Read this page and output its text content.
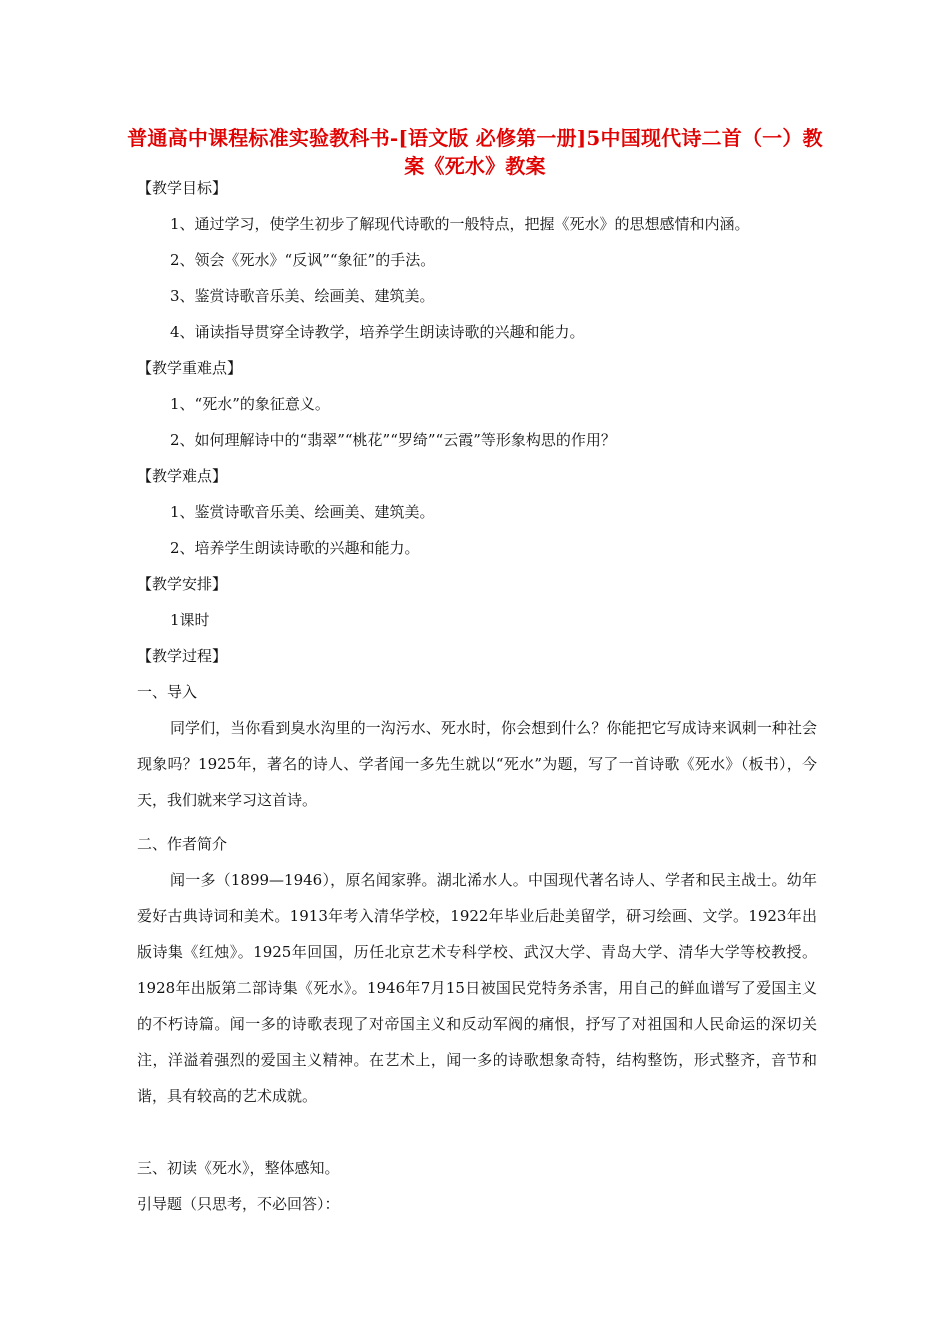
普通高中课程标准实验教科书-[语文版 必修第一册]5中国现代诗二首（一）教案《死水》教案
【教学目标】
1、通过学习，使学生初步了解现代诗歌的一般特点，把握《死水》的思想感情和内涵。
2、领会《死水》“反讽”“象征”的手法。
3、鉴赏诗歌音乐美、绘画美、建筑美。
4、诵读指导贯穿全诗教学，培养学生朗读诗歌的兴趣和能力。
【教学重难点】
1、“死水”的象征意义。
2、如何理解诗中的“翡翠”“桃花”“罗绮”“云霞”等形象构思的作用？
【教学难点】
1、鉴赏诗歌音乐美、绘画美、建筑美。
2、培养学生朗读诗歌的兴趣和能力。
【教学安排】
1课时
【教学过程】
一、导入
同学们，当你看到臭水沟里的一沟污水、死水时，你会想到什么？你能把它写成诗来讽刺一种社会现象吗？1925年，著名的诗人、学者闻一多先生就以“死水”为题，写了一首诗歌《死水》（板书），今天，我们就来学习这首诗。
二、作者简介
闻一多（1899—1946），原名闻家骅。湖北浠水人。中国现代著名诗人、学者和民主战士。幼年爱好古典诗词和美术。1913年考入清华学校，1922年毕业后赴美留学，研习绘画、文学。1923年出版诗集《红烛》。1925年回国，历任北京艺术专科学校、武汉大学、青岛大学、清华大学等校教授。1928年出版第二部诗集《死水》。1946年7月15日被国民党特务杀害，用自己的鲜血谱写了爱国主义的不朽诗篇。闻一多的诗歌表现了对帝国主义和反动军阀的痛恨，抒写了对祖国和人民命运的深切关注，洋溢着强烈的爱国主义精神。在艺术上，闻一多的诗歌想象奇特，结构整饬，形式整齐，音节和谐，具有较高的艺术成就。
三、初读《死水》，整体感知。
引导题（只思考，不必回答）：
